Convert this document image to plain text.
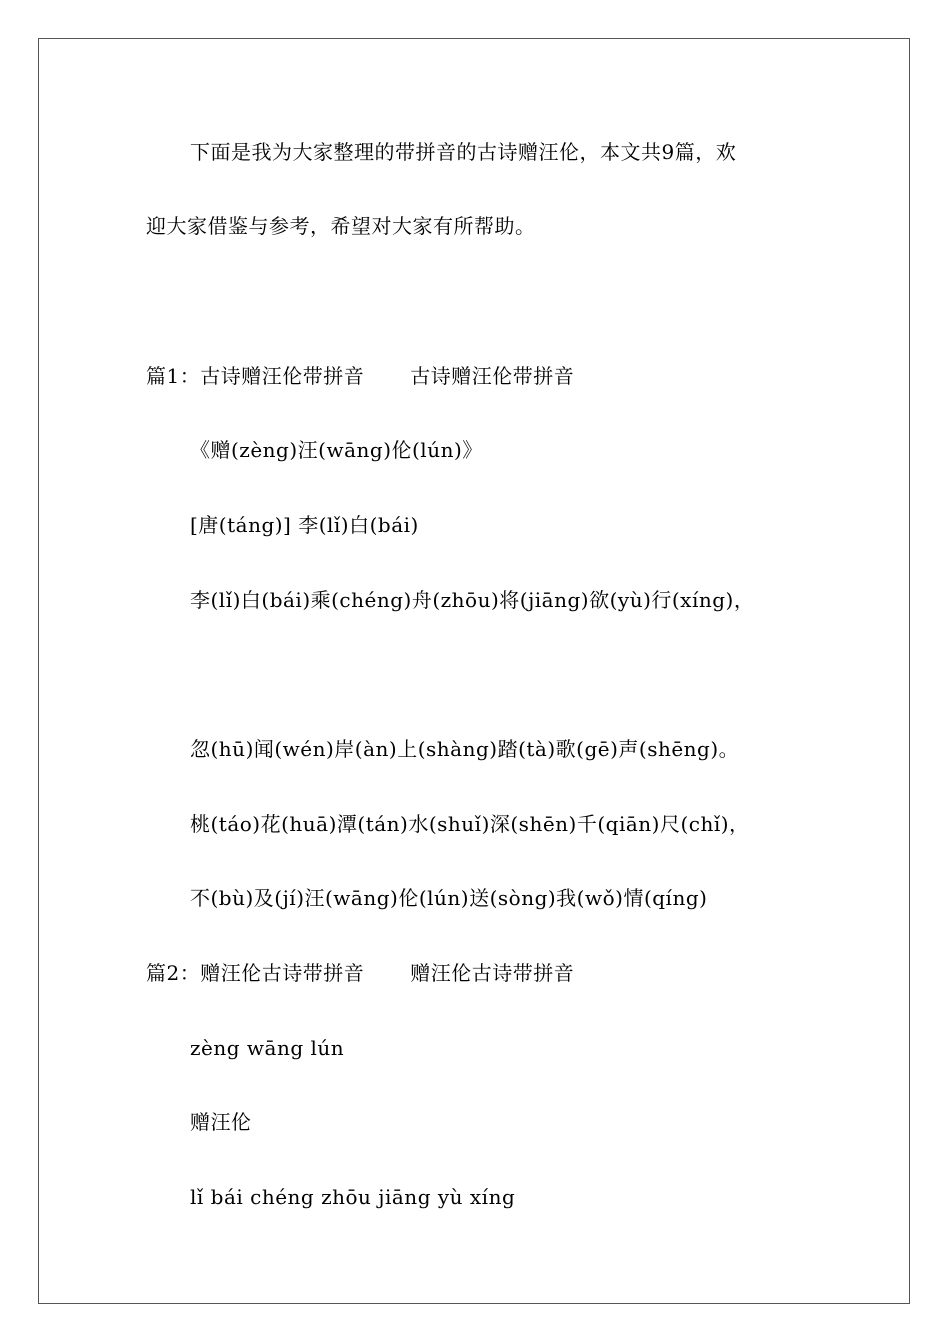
下面是我为大家整理的带拼音的古诗赠汪伦，本文共9篇，欢
迎大家借鉴与参考，希望对大家有所帮助。
篇1：古诗赠汪伦带拼音 古诗赠汪伦带拼音
《赠(zèng)汪(wāng)伦(lún)》
[唐(táng)] 李(lǐ)白(bái)
李(lǐ)白(bái)乘(chéng)舟(zhōu)将(jiāng)欲(yù)行(xíng)，
忽(hū)闻(wén)岸(àn)上(shàng)踏(tà)歌(gē)声(shēng)。
桃(táo)花(huā)潭(tán)水(shuǐ)深(shēn)千(qiān)尺(chǐ)，
不(bù)及(jí)汪(wāng)伦(lún)送(sòng)我(wǒ)情(qíng)
篇2：赠汪伦古诗带拼音 赠汪伦古诗带拼音
zèng wāng lún
赠汪伦
lǐ bái chéng zhōu jiāng yù xíng
